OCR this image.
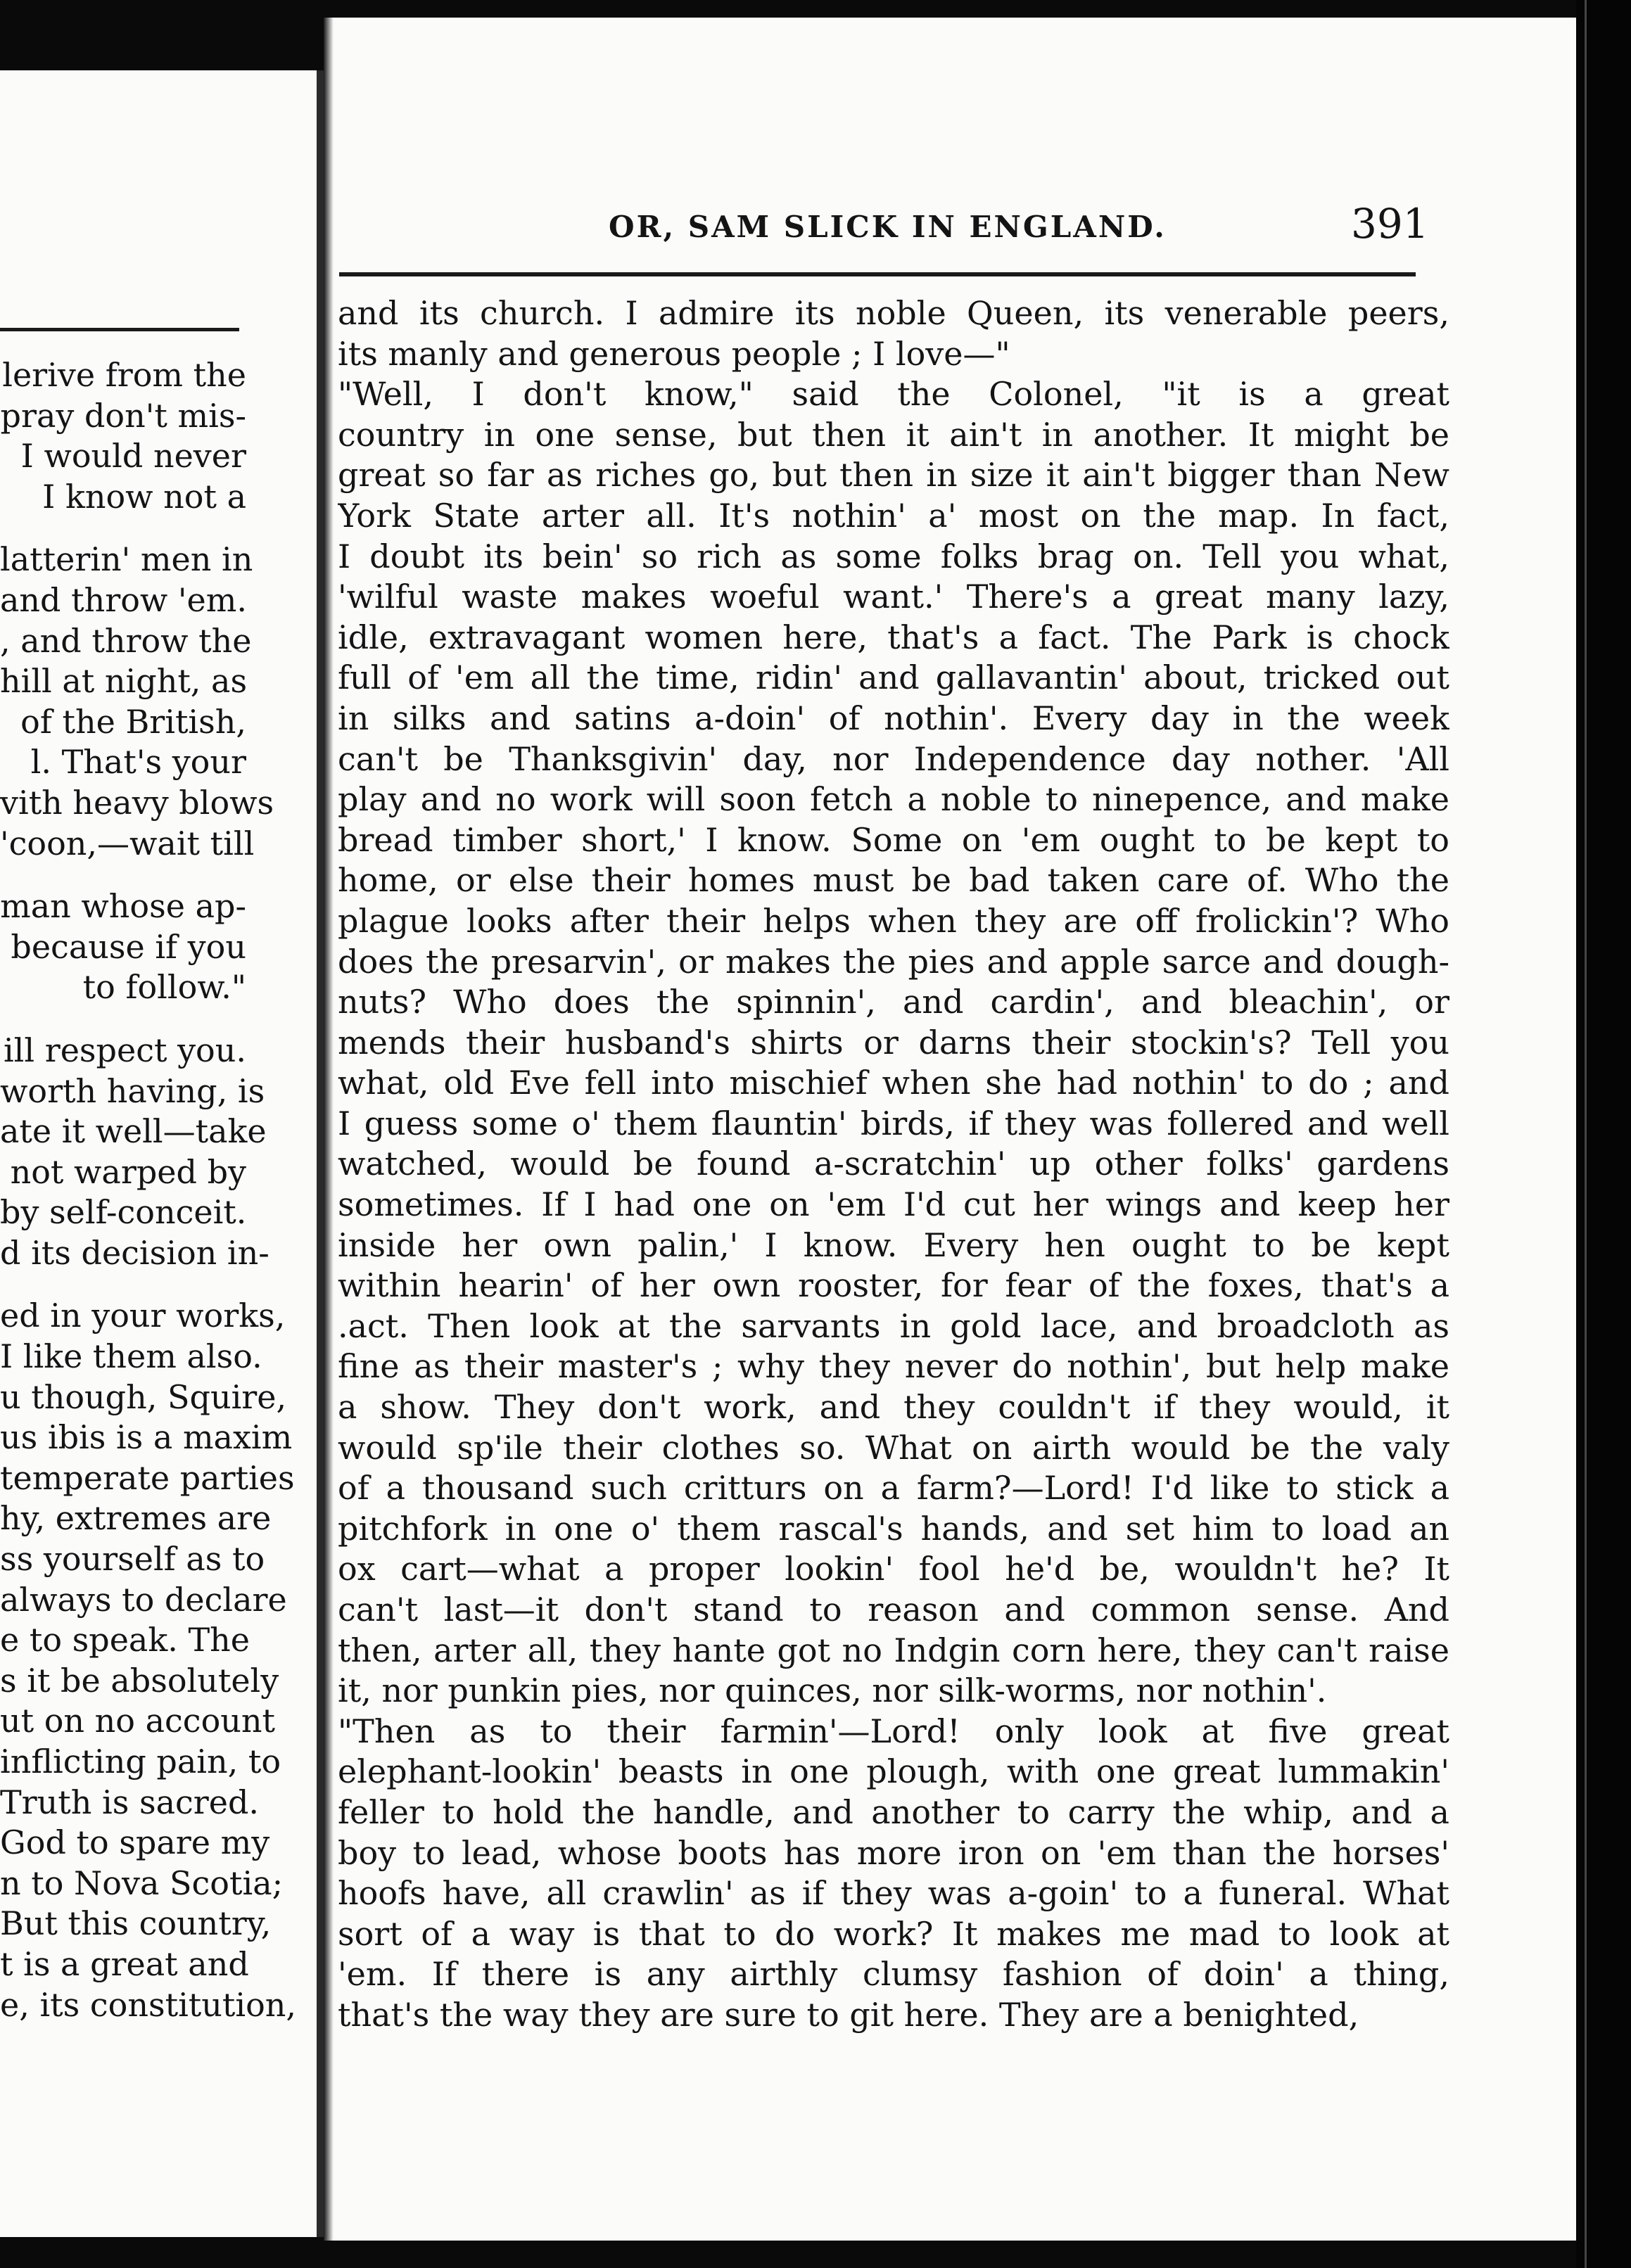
lerive from the
pray don't mis-
I would never
I know not a
latterin' men in
and throw 'em.
, and throw the
hill at night, as
of the British,
l. That's your
vith heavy blows
'coon,—wait till
man whose ap-
because if you
to follow."
ill respect you.
worth having, is
ate it well—take
not warped by
by self-conceit.
d its decision in-
ed in your works,
I like them also.
u though, Squire,
us ibis is a maxim
temperate parties
hy, extremes are
ss yourself as to
always to declare
e to speak. The
s it be absolutely
ut on no account
inflicting pain, to
Truth is sacred.
God to spare my
n to Nova Scotia;
But this country,
t is a great and
e, its constitution,
OR, SAM SLICK IN ENGLAND.	391
and its church. I admire its noble Queen, its venerable peers,
its manly and generous people ; I love—"
"Well, I don't know," said the Colonel, "it is a great
country in one sense, but then it ain't in another. It might be
great so far as riches go, but then in size it ain't bigger than New
York State arter all. It's nothin' a' most on the map. In fact,
I doubt its bein' so rich as some folks brag on. Tell you what,
'wilful waste makes woeful want.' There's a great many lazy,
idle, extravagant women here, that's a fact. The Park is chock
full of 'em all the time, ridin' and gallavantin' about, tricked out
in silks and satins a-doin' of nothin'. Every day in the week
can't be Thanksgivin' day, nor Independence day nother. 'All
play and no work will soon fetch a noble to ninepence, and make
bread timber short,' I know. Some on 'em ought to be kept to
home, or else their homes must be bad taken care of. Who the
plague looks after their helps when they are off frolickin'? Who
does the presarvin', or makes the pies and apple sarce and dough-
nuts? Who does the spinnin', and cardin', and bleachin', or
mends their husband's shirts or darns their stockin's? Tell you
what, old Eve fell into mischief when she had nothin' to do ; and
I guess some o' them flauntin' birds, if they was follered and well
watched, would be found a-scratchin' up other folks' gardens
sometimes. If I had one on 'em I'd cut her wings and keep her
inside her own palin,' I know. Every hen ought to be kept
within hearin' of her own rooster, for fear of the foxes, that's a
.act. Then look at the sarvants in gold lace, and broadcloth as
fine as their master's ; why they never do nothin', but help make
a show. They don't work, and they couldn't if they would, it
would sp'ile their clothes so. What on airth would be the valy
of a thousand such critturs on a farm?—Lord! I'd like to stick a
pitchfork in one o' them rascal's hands, and set him to load an
ox cart—what a proper lookin' fool he'd be, wouldn't he? It
can't last—it don't stand to reason and common sense. And
then, arter all, they hante got no Indgin corn here, they can't raise
it, nor punkin pies, nor quinces, nor silk-worms, nor nothin'.
"Then as to their farmin'—Lord! only look at five great
elephant-lookin' beasts in one plough, with one great lummakin'
feller to hold the handle, and another to carry the whip, and a
boy to lead, whose boots has more iron on 'em than the horses'
hoofs have, all crawlin' as if they was a-goin' to a funeral. What
sort of a way is that to do work? It makes me mad to look at
'em. If there is any airthly clumsy fashion of doin' a thing,
that's the way they are sure to git here. They are a benighted,
